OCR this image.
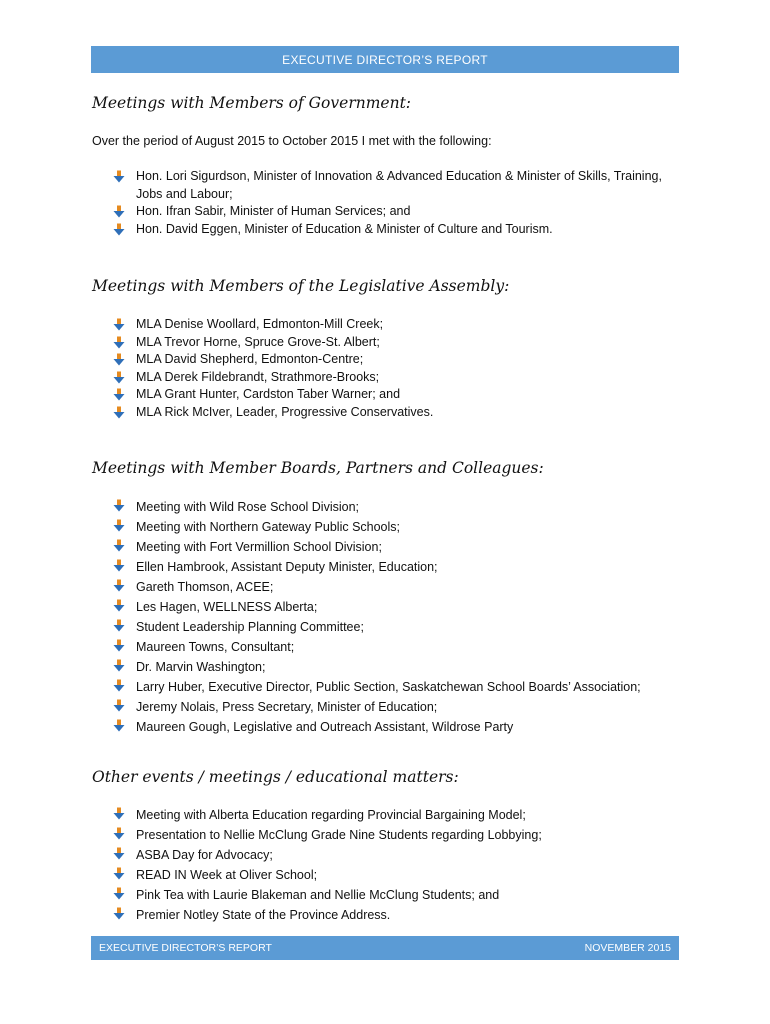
EXECUTIVE DIRECTOR’S REPORT
Meetings with Members of Government:

Over the period of August 2015 to October 2015 I met with the following:

Hon. Lori Sigurdson, Minister of Innovation & Advanced Education & Minister of Skills, Training, Jobs and Labour;
Hon. Ifran Sabir, Minister of Human Services; and
Hon. David Eggen, Minister of Education & Minister of Culture and Tourism.
Meetings with Members of the Legislative Assembly:
MLA Denise Woollard, Edmonton-Mill Creek;
MLA Trevor Horne, Spruce Grove-St. Albert;
MLA David Shepherd, Edmonton-Centre;
MLA Derek Fildebrandt, Strathmore-Brooks;
MLA Grant Hunter, Cardston Taber Warner; and
MLA Rick McIver, Leader, Progressive Conservatives.
Meetings with Member Boards, Partners and Colleagues:
Meeting with Wild Rose School Division;
Meeting with Northern Gateway Public Schools;
Meeting with Fort Vermillion School Division;
Ellen Hambrook, Assistant Deputy Minister, Education;
Gareth Thomson, ACEE;
Les Hagen, WELLNESS Alberta;
Student Leadership Planning Committee;
Maureen Towns, Consultant;
Dr. Marvin Washington;
Larry Huber, Executive Director, Public Section, Saskatchewan School Boards’ Association;
Jeremy Nolais, Press Secretary, Minister of Education;
Maureen Gough, Legislative and Outreach Assistant, Wildrose Party
Other events / meetings / educational matters:
Meeting with Alberta Education regarding Provincial Bargaining Model;
Presentation to Nellie McClung Grade Nine Students regarding Lobbying;
ASBA Day for Advocacy;
READ IN Week at Oliver School;
Pink Tea with Laurie Blakeman and Nellie McClung Students; and
Premier Notley State of the Province Address.
EXECUTIVE DIRECTOR’S REPORT	NOVEMBER 2015
